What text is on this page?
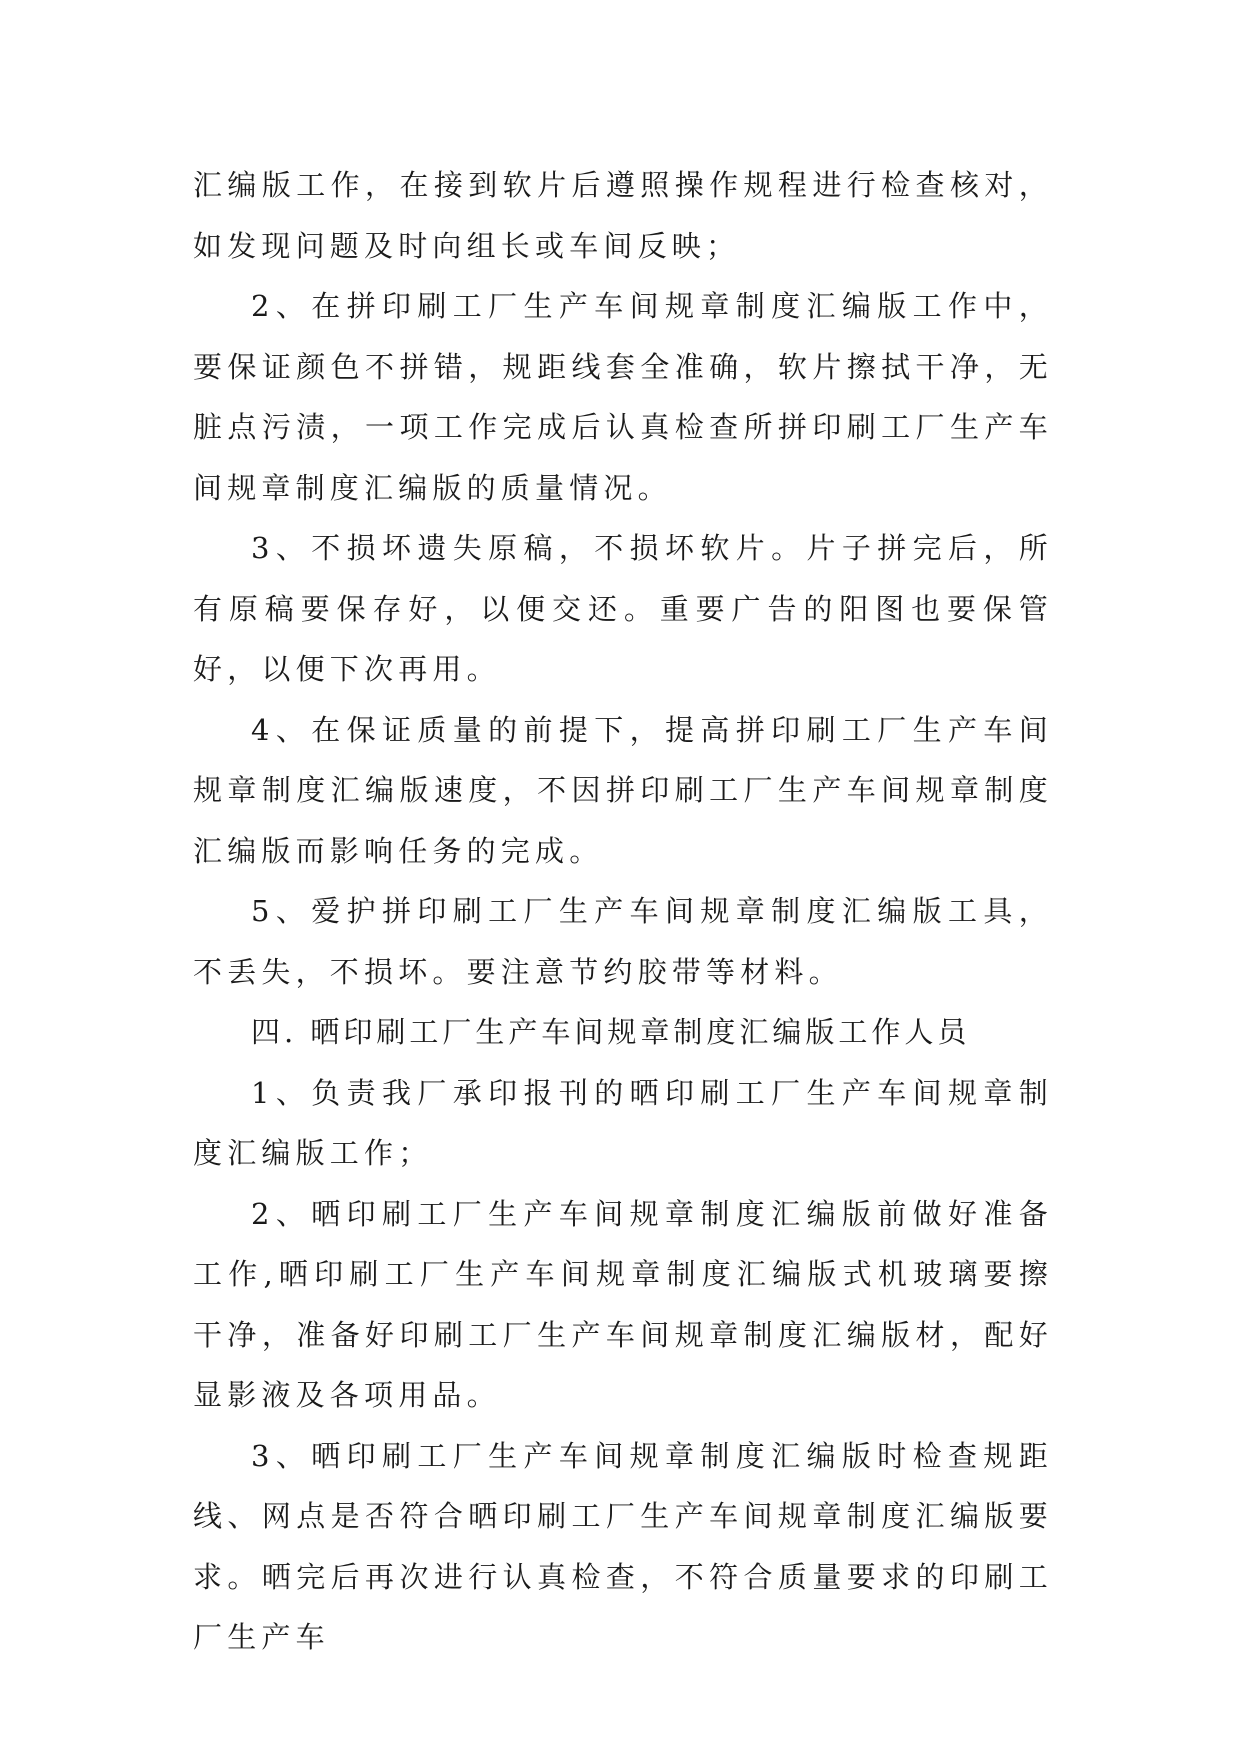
汇编版工作，在接到软片后遵照操作规程进行检查核对，如发现问题及时向组长或车间反映；

2、在拼印刷工厂生产车间规章制度汇编版工作中，要保证颜色不拼错，规距线套全准确，软片擦拭干净，无脏点污渍，一项工作完成后认真检查所拼印刷工厂生产车间规章制度汇编版的质量情况。

3、不损坏遗失原稿，不损坏软片。片子拼完后，所有原稿要保存好，以便交还。重要广告的阳图也要保管好，以便下次再用。

4、在保证质量的前提下，提高拼印刷工厂生产车间规章制度汇编版速度，不因拼印刷工厂生产车间规章制度汇编版而影响任务的完成。

5、爱护拼印刷工厂生产车间规章制度汇编版工具，不丢失，不损坏。要注意节约胶带等材料。

四. 晒印刷工厂生产车间规章制度汇编版工作人员

1、负责我厂承印报刊的晒印刷工厂生产车间规章制度汇编版工作；

2、晒印刷工厂生产车间规章制度汇编版前做好准备工作,晒印刷工厂生产车间规章制度汇编版式机玻璃要擦干净，准备好印刷工厂生产车间规章制度汇编版材，配好显影液及各项用品。

3、晒印刷工厂生产车间规章制度汇编版时检查规距线、网点是否符合晒印刷工厂生产车间规章制度汇编版要求。晒完后再次进行认真检查，不符合质量要求的印刷工厂生产车
